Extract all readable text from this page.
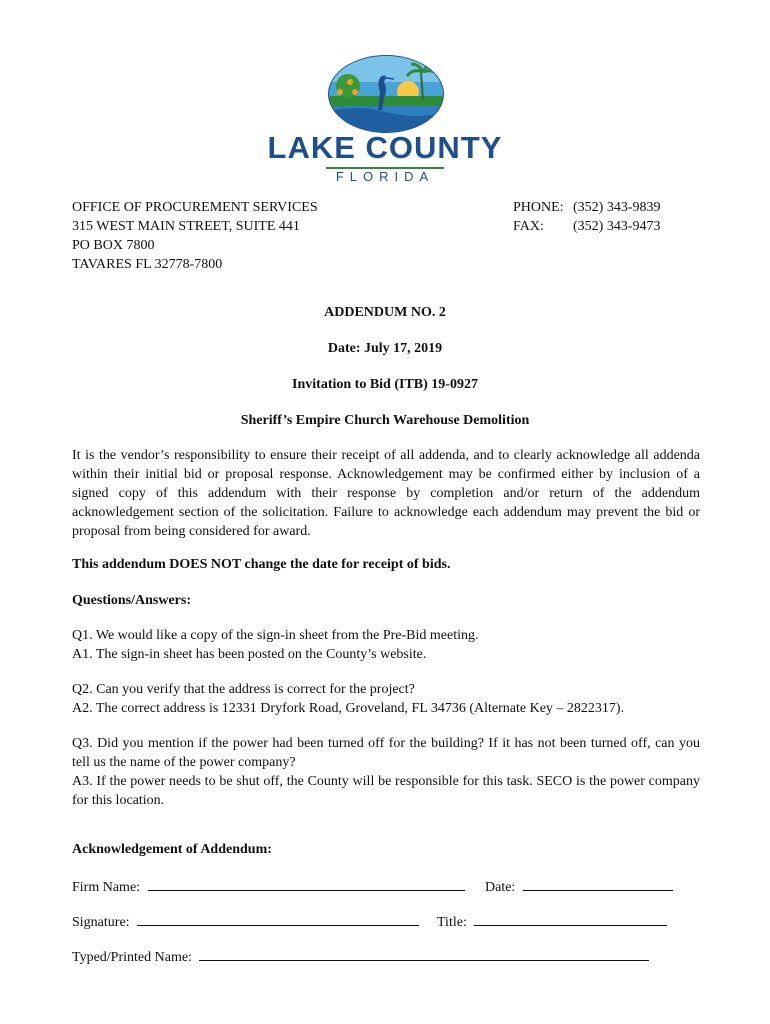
LAKE COUNTY
FLORIDA
OFFICE OF PROCUREMENT SERVICES
315 WEST MAIN STREET, SUITE 441
PO BOX 7800
TAVARES FL 32778-7800
PHONE: (352) 343-9839
FAX: (352) 343-9473
ADDENDUM NO. 2
Date: July 17, 2019
Invitation to Bid (ITB) 19-0927
Sheriff’s Empire Church Warehouse Demolition
It is the vendor’s responsibility to ensure their receipt of all addenda, and to clearly acknowledge all addenda within their initial bid or proposal response. Acknowledgement may be confirmed either by inclusion of a signed copy of this addendum with their response by completion and/or return of the addendum acknowledgement section of the solicitation. Failure to acknowledge each addendum may prevent the bid or proposal from being considered for award.
This addendum DOES NOT change the date for receipt of bids.
Questions/Answers:
Q1. We would like a copy of the sign-in sheet from the Pre-Bid meeting.
A1. The sign-in sheet has been posted on the County’s website.
Q2. Can you verify that the address is correct for the project?
A2. The correct address is 12331 Dryfork Road, Groveland, FL 34736 (Alternate Key – 2822317).
Q3. Did you mention if the power had been turned off for the building? If it has not been turned off, can you tell us the name of the power company?
A3. If the power needs to be shut off, the County will be responsible for this task. SECO is the power company for this location.
Acknowledgement of Addendum:
Firm Name:	Date:
Signature:	Title:
Typed/Printed Name:
